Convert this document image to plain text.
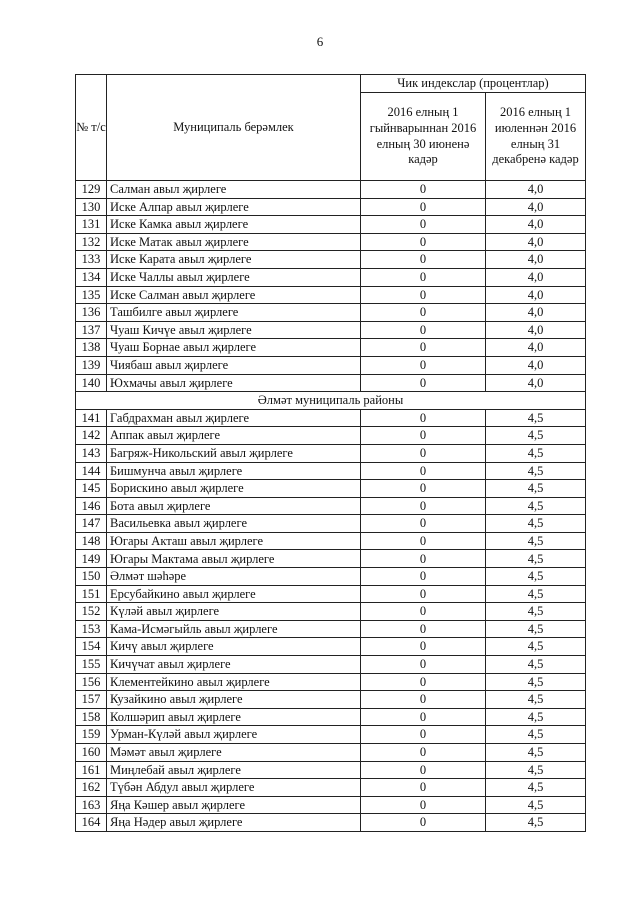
6
№ т/с	Муниципаль берәмлек	Чик индекслар (процентлар)	
		2016 елның 1 гыйнварыннан 2016 елның 30 июненә кадәр	2016 елның 1 июленнән 2016 елның 31 декабренә кадәр
129	Салман авыл җирлеге	0	4,0
130	Иске Алпар авыл җирлеге	0	4,0
131	Иске Камка авыл җирлеге	0	4,0
132	Иске Матак авыл җирлеге	0	4,0
133	Иске Карата авыл җирлеге	0	4,0
134	Иске Чаллы авыл җирлеге	0	4,0
135	Иске Салман авыл җирлеге	0	4,0
136	Ташбилге авыл җирлеге	0	4,0
137	Чуаш Кичүе авыл җирлеге	0	4,0
138	Чуаш Борнае авыл җирлеге	0	4,0
139	Чиябаш авыл җирлеге	0	4,0
140	Юхмачы авыл җирлеге	0	4,0
Әлмәт муниципаль районы			
141	Габдрахман авыл җирлеге	0	4,5
142	Аппак авыл җирлеге	0	4,5
143	Багряж-Никольский авыл җирлеге	0	4,5
144	Бишмунча авыл җирлеге	0	4,5
145	Борискино авыл җирлеге	0	4,5
146	Бота авыл җирлеге	0	4,5
147	Васильевка авыл җирлеге	0	4,5
148	Югары Акташ авыл җирлеге	0	4,5
149	Югары Мактама авыл җирлеге	0	4,5
150	Әлмәт шәһәре	0	4,5
151	Ерсубайкино авыл җирлеге	0	4,5
152	Күләй авыл җирлеге	0	4,5
153	Кама-Исмәгыйль авыл җирлеге	0	4,5
154	Кичү авыл җирлеге	0	4,5
155	Кичүчат авыл җирлеге	0	4,5
156	Клементейкино авыл җирлеге	0	4,5
157	Кузайкино авыл җирлеге	0	4,5
158	Колшәрип авыл җирлеге	0	4,5
159	Урман-Күләй авыл җирлеге	0	4,5
160	Мәмәт авыл җирлеге	0	4,5
161	Миңлебай авыл җирлеге	0	4,5
162	Түбән Абдул авыл җирлеге	0	4,5
163	Яңа Кәшер авыл җирлеге	0	4,5
164	Яңа Нәдер авыл җирлеге	0	4,5
